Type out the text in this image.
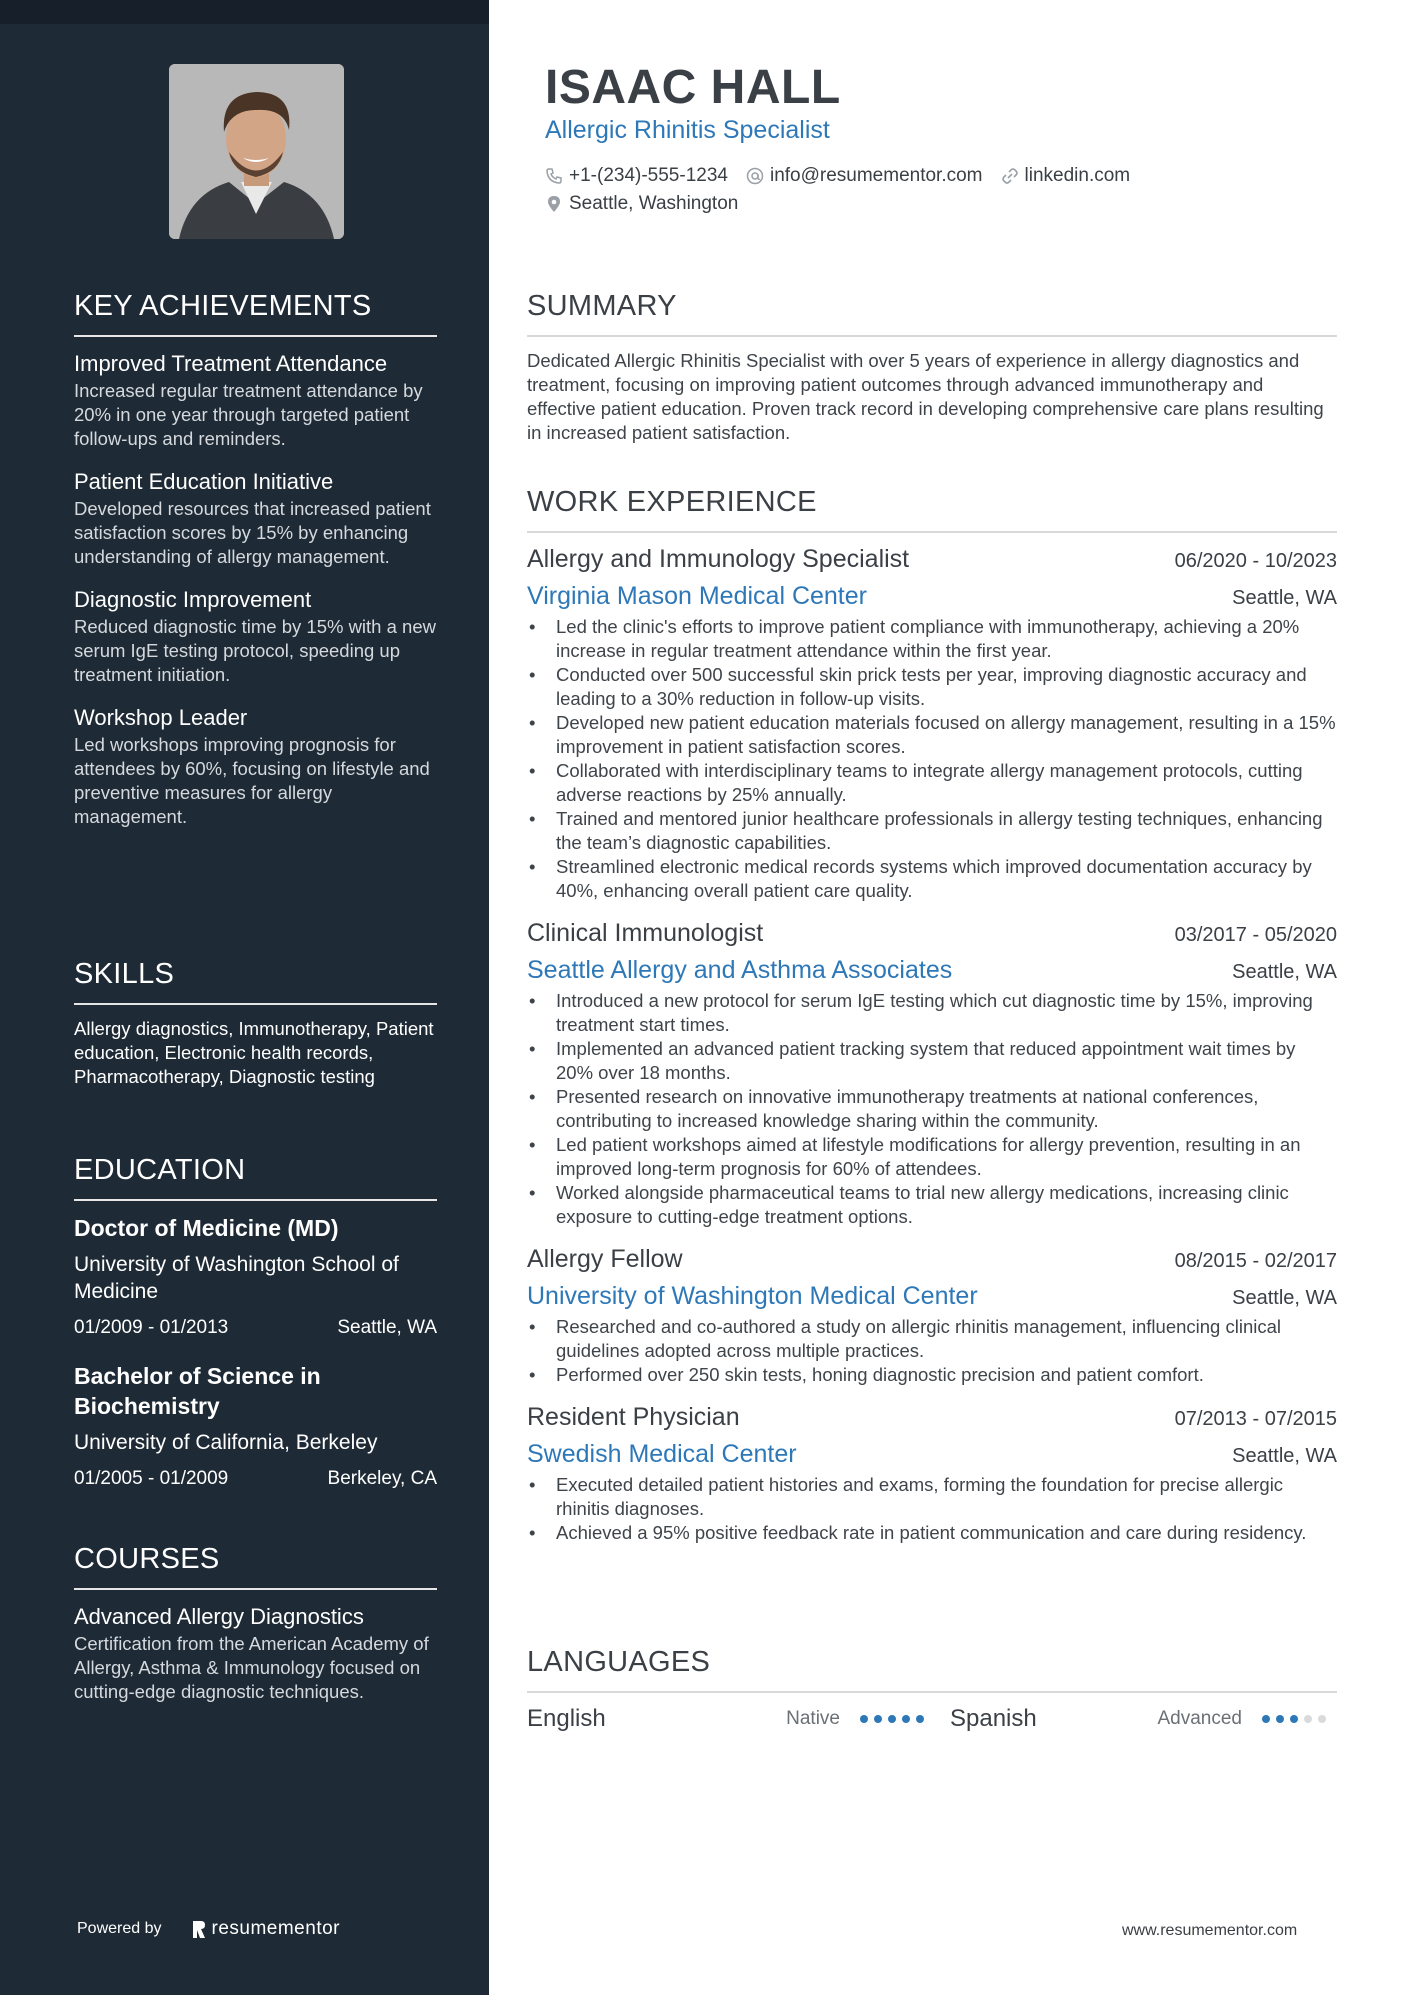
KEY ACHIEVEMENTS
Improved Treatment Attendance
Increased regular treatment attendance by 20% in one year through targeted patient follow-ups and reminders.
Patient Education Initiative
Developed resources that increased patient satisfaction scores by 15% by enhancing understanding of allergy management.
Diagnostic Improvement
Reduced diagnostic time by 15% with a new serum IgE testing protocol, speeding up treatment initiation.
Workshop Leader
Led workshops improving prognosis for attendees by 60%, focusing on lifestyle and preventive measures for allergy management.
SKILLS
Allergy diagnostics, Immunotherapy, Patient education, Electronic health records, Pharmacotherapy, Diagnostic testing
EDUCATION
Doctor of Medicine (MD)
University of Washington School of Medicine
01/2009 - 01/2013	Seattle, WA
Bachelor of Science in Biochemistry
University of California, Berkeley
01/2005 - 01/2009	Berkeley, CA
COURSES
Advanced Allergy Diagnostics
Certification from the American Academy of Allergy, Asthma & Immunology focused on cutting-edge diagnostic techniques.
Powered by	resumementor
ISAAC HALL
Allergic Rhinitis Specialist
+1-(234)-555-1234 info@resumementor.com linkedin.com
Seattle, Washington
SUMMARY
Dedicated Allergic Rhinitis Specialist with over 5 years of experience in allergy diagnostics and treatment, focusing on improving patient outcomes through advanced immunotherapy and effective patient education. Proven track record in developing comprehensive care plans resulting in increased patient satisfaction.
WORK EXPERIENCE
Allergy and Immunology Specialist	06/2020 - 10/2023
Virginia Mason Medical Center	Seattle, WA
• Led the clinic's efforts to improve patient compliance with immunotherapy, achieving a 20% increase in regular treatment attendance within the first year.
• Conducted over 500 successful skin prick tests per year, improving diagnostic accuracy and leading to a 30% reduction in follow-up visits.
• Developed new patient education materials focused on allergy management, resulting in a 15% improvement in patient satisfaction scores.
• Collaborated with interdisciplinary teams to integrate allergy management protocols, cutting adverse reactions by 25% annually.
• Trained and mentored junior healthcare professionals in allergy testing techniques, enhancing the team’s diagnostic capabilities.
• Streamlined electronic medical records systems which improved documentation accuracy by 40%, enhancing overall patient care quality.
Clinical Immunologist	03/2017 - 05/2020
Seattle Allergy and Asthma Associates	Seattle, WA
• Introduced a new protocol for serum IgE testing which cut diagnostic time by 15%, improving treatment start times.
• Implemented an advanced patient tracking system that reduced appointment wait times by 20% over 18 months.
• Presented research on innovative immunotherapy treatments at national conferences, contributing to increased knowledge sharing within the community.
• Led patient workshops aimed at lifestyle modifications for allergy prevention, resulting in an improved long-term prognosis for 60% of attendees.
• Worked alongside pharmaceutical teams to trial new allergy medications, increasing clinic exposure to cutting-edge treatment options.
Allergy Fellow	08/2015 - 02/2017
University of Washington Medical Center	Seattle, WA
• Researched and co-authored a study on allergic rhinitis management, influencing clinical guidelines adopted across multiple practices.
• Performed over 250 skin tests, honing diagnostic precision and patient comfort.
Resident Physician	07/2013 - 07/2015
Swedish Medical Center	Seattle, WA
• Executed detailed patient histories and exams, forming the foundation for precise allergic rhinitis diagnoses.
• Achieved a 95% positive feedback rate in patient communication and care during residency.
LANGUAGES
English	Native	Spanish	Advanced
www.resumementor.com
